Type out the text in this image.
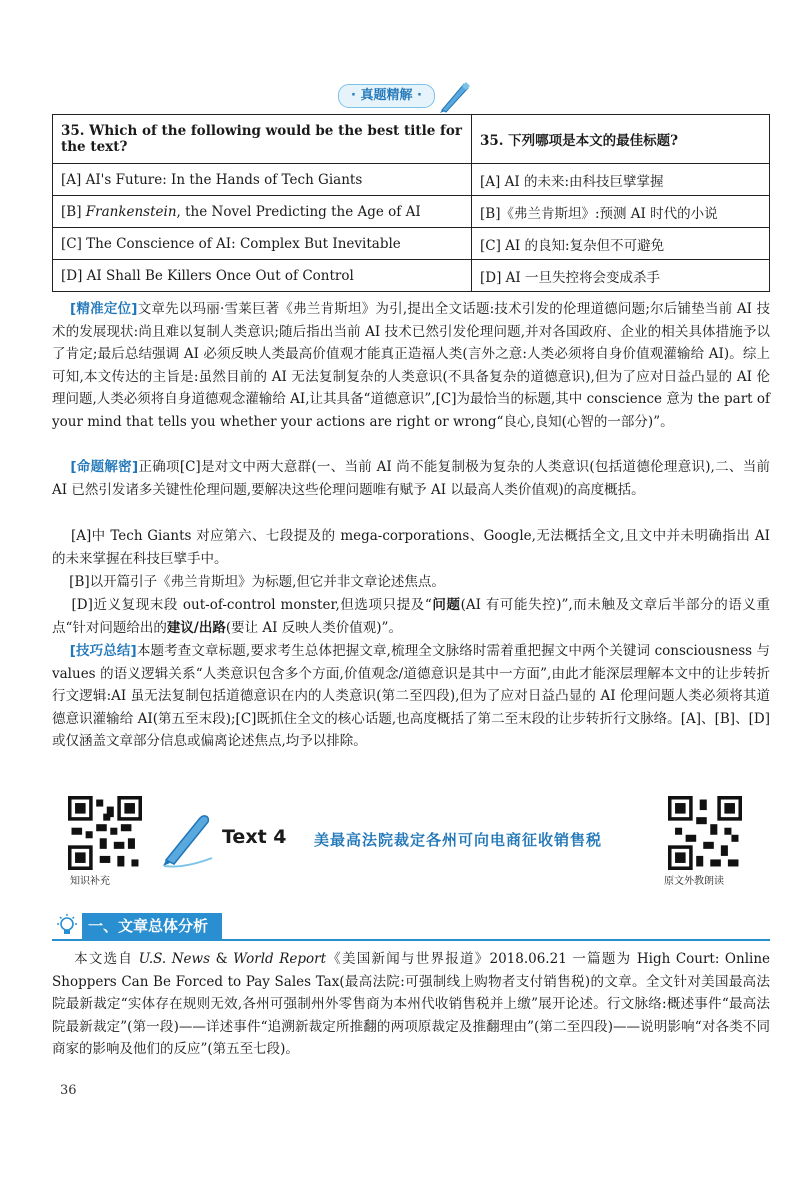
· 真题精解 ·
35. Which of the following would be the best title for the text?	35. 下列哪项是本文的最佳标题?
[A] AI's Future: In the Hands of Tech Giants	[A] AI 的未来:由科技巨擘掌握
[B] Frankenstein, the Novel Predicting the Age of AI	[B]《弗兰肯斯坦》:预测 AI 时代的小说
[C] The Conscience of AI: Complex But Inevitable	[C] AI 的良知:复杂但不可避免
[D] AI Shall Be Killers Once Out of Control	[D] AI 一旦失控将会变成杀手
[精准定位]文章先以玛丽·雪莱巨著《弗兰肯斯坦》为引,提出全文话题:技术引发的伦理道德问题;尔后铺垫当前 AI 技术的发展现状:尚且难以复制人类意识;随后指出当前 AI 技术已然引发伦理问题,并对各国政府、企业的相关具体措施予以了肯定;最后总结强调 AI 必须反映人类最高价值观才能真正造福人类(言外之意:人类必须将自身价值观灌输给 AI)。综上可知,本文传达的主旨是:虽然目前的 AI 无法复制复杂的人类意识(不具备复杂的道德意识),但为了应对日益凸显的 AI 伦理问题,人类必须将自身道德观念灌输给 AI,让其具备“道德意识”,[C]为最恰当的标题,其中 conscience 意为 the part of your mind that tells you whether your actions are right or wrong“良心,良知(心智的一部分)”。
[命题解密]正确项[C]是对文中两大意群(一、当前 AI 尚不能复制极为复杂的人类意识(包括道德伦理意识),二、当前 AI 已然引发诸多关键性伦理问题,要解决这些伦理问题唯有赋予 AI 以最高人类价值观)的高度概括。
[A]中 Tech Giants 对应第六、七段提及的 mega-corporations、Google,无法概括全文,且文中并未明确指出 AI 的未来掌握在科技巨擘手中。
[B]以开篇引子《弗兰肯斯坦》为标题,但它并非文章论述焦点。
[D]近义复现末段 out-of-control monster,但选项只提及“问题(AI 有可能失控)”,而未触及文章后半部分的语义重点“针对问题给出的建议/出路(要让 AI 反映人类价值观)”。
[技巧总结]本题考查文章标题,要求考生总体把握文章,梳理全文脉络时需着重把握文中两个关键词 consciousness 与 values 的语义逻辑关系“人类意识包含多个方面,价值观念/道德意识是其中一方面”,由此才能深层理解本文中的让步转折行文逻辑:AI 虽无法复制包括道德意识在内的人类意识(第二至四段),但为了应对日益凸显的 AI 伦理问题人类必须将其道德意识灌输给 AI(第五至末段);[C]既抓住全文的核心话题,也高度概括了第二至末段的让步转折行文脉络。[A]、[B]、[D]或仅涵盖文章部分信息或偏离论述焦点,均予以排除。
知识补充
Text 4 美最高法院裁定各州可向电商征收销售税
原文外教朗读
一、文章总体分析
本文选自 U.S. News & World Report《美国新闻与世界报道》2018.06.21 一篇题为 High Court: Online Shoppers Can Be Forced to Pay Sales Tax(最高法院:可强制线上购物者支付销售税)的文章。全文针对美国最高法院最新裁定“实体存在规则无效,各州可强制州外零售商为本州代收销售税并上缴”展开论述。行文脉络:概述事件“最高法院最新裁定”(第一段)——详述事件“追溯新裁定所推翻的两项原裁定及推翻理由”(第二至四段)——说明影响“对各类不同商家的影响及他们的反应”(第五至七段)。
36
